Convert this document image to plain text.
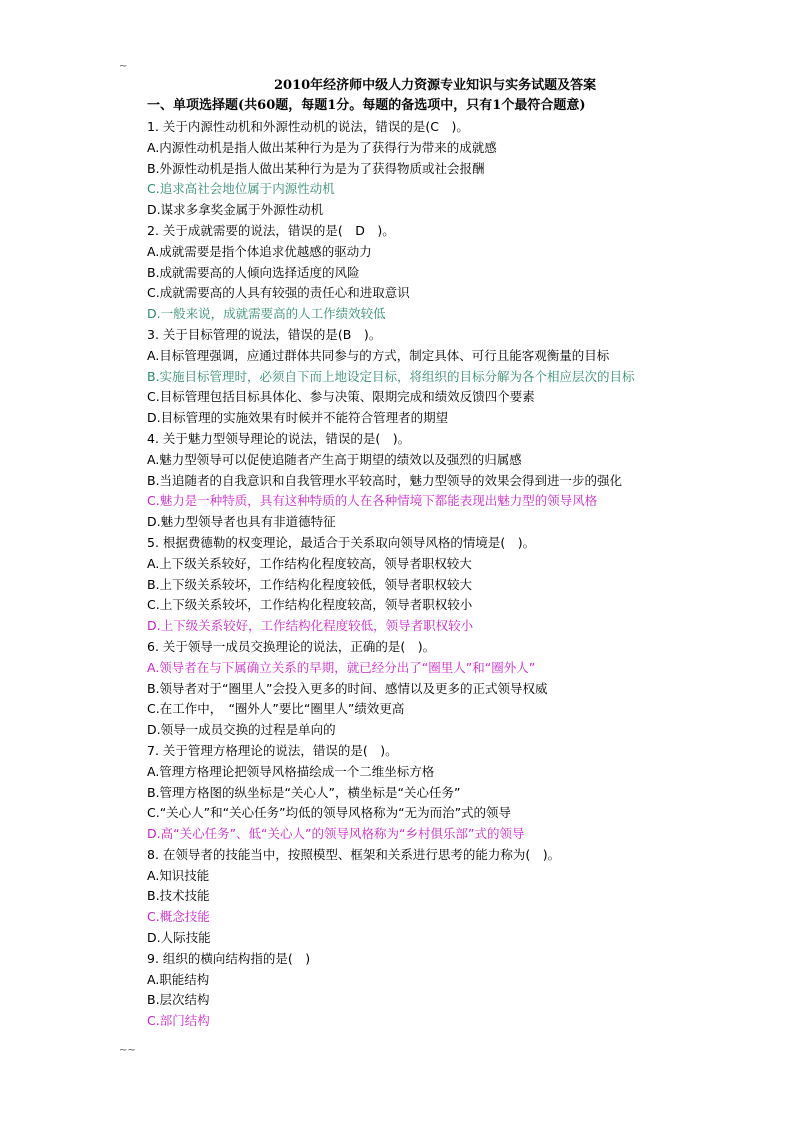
~
2010年经济师中级人力资源专业知识与实务试题及答案
一、单项选择题(共60题，每题1分。每题的备选项中，只有1个最符合题意)
1. 关于内源性动机和外源性动机的说法，错误的是(C　)。
A.内源性动机是指人做出某种行为是为了获得行为带来的成就感
B.外源性动机是指人做出某种行为是为了获得物质或社会报酬
C.追求高社会地位属于内源性动机
D.谋求多拿奖金属于外源性动机
2. 关于成就需要的说法，错误的是(　D　)。
A.成就需要是指个体追求优越感的驱动力
B.成就需要高的人倾向选择适度的风险
C.成就需要高的人具有较强的责任心和进取意识
D.一般来说，成就需要高的人工作绩效较低
3. 关于目标管理的说法，错误的是(B　)。
A.目标管理强调，应通过群体共同参与的方式，制定具体、可行且能客观衡量的目标
B.实施目标管理时，必须自下而上地设定目标，将组织的目标分解为各个相应层次的目标
C.目标管理包括目标具体化、参与决策、限期完成和绩效反馈四个要素
D.目标管理的实施效果有时候并不能符合管理者的期望
4. 关于魅力型领导理论的说法，错误的是(　)。
A.魅力型领导可以促使追随者产生高于期望的绩效以及强烈的归属感
B.当追随者的自我意识和自我管理水平较高时，魅力型领导的效果会得到进一步的强化
C.魅力是一种特质，具有这种特质的人在各种情境下都能表现出魅力型的领导风格
D.魅力型领导者也具有非道德特征
5. 根据费德勒的权变理论，最适合于关系取向领导风格的情境是(　)。
A.上下级关系较好，工作结构化程度较高，领导者职权较大
B.上下级关系较坏，工作结构化程度较低，领导者职权较大
C.上下级关系较坏，工作结构化程度较高，领导者职权较小
D.上下级关系较好，工作结构化程度较低，领导者职权较小
6. 关于领导一成员交换理论的说法，正确的是(　)。
A.领导者在与下属确立关系的早期，就已经分出了“圈里人”和“圈外人”
B.领导者对于“圈里人”会投入更多的时间、感情以及更多的正式领导权威
C.在工作中，　“圈外人”要比“圈里人”绩效更高
D.领导一成员交换的过程是单向的
7. 关于管理方格理论的说法，错误的是(　)。
A.管理方格理论把领导风格描绘成一个二维坐标方格
B.管理方格图的纵坐标是“关心人”，横坐标是“关心任务”
C.“关心人”和“关心任务”均低的领导风格称为“无为而治”式的领导
D.高“关心任务”、低“关心人”的领导风格称为“乡村俱乐部”式的领导
8. 在领导者的技能当中，按照模型、框架和关系进行思考的能力称为(　)。
A.知识技能
B.技术技能
C.概念技能
D.人际技能
9. 组织的横向结构指的是(　)
A.职能结构
B.层次结构
C.部门结构
~~
